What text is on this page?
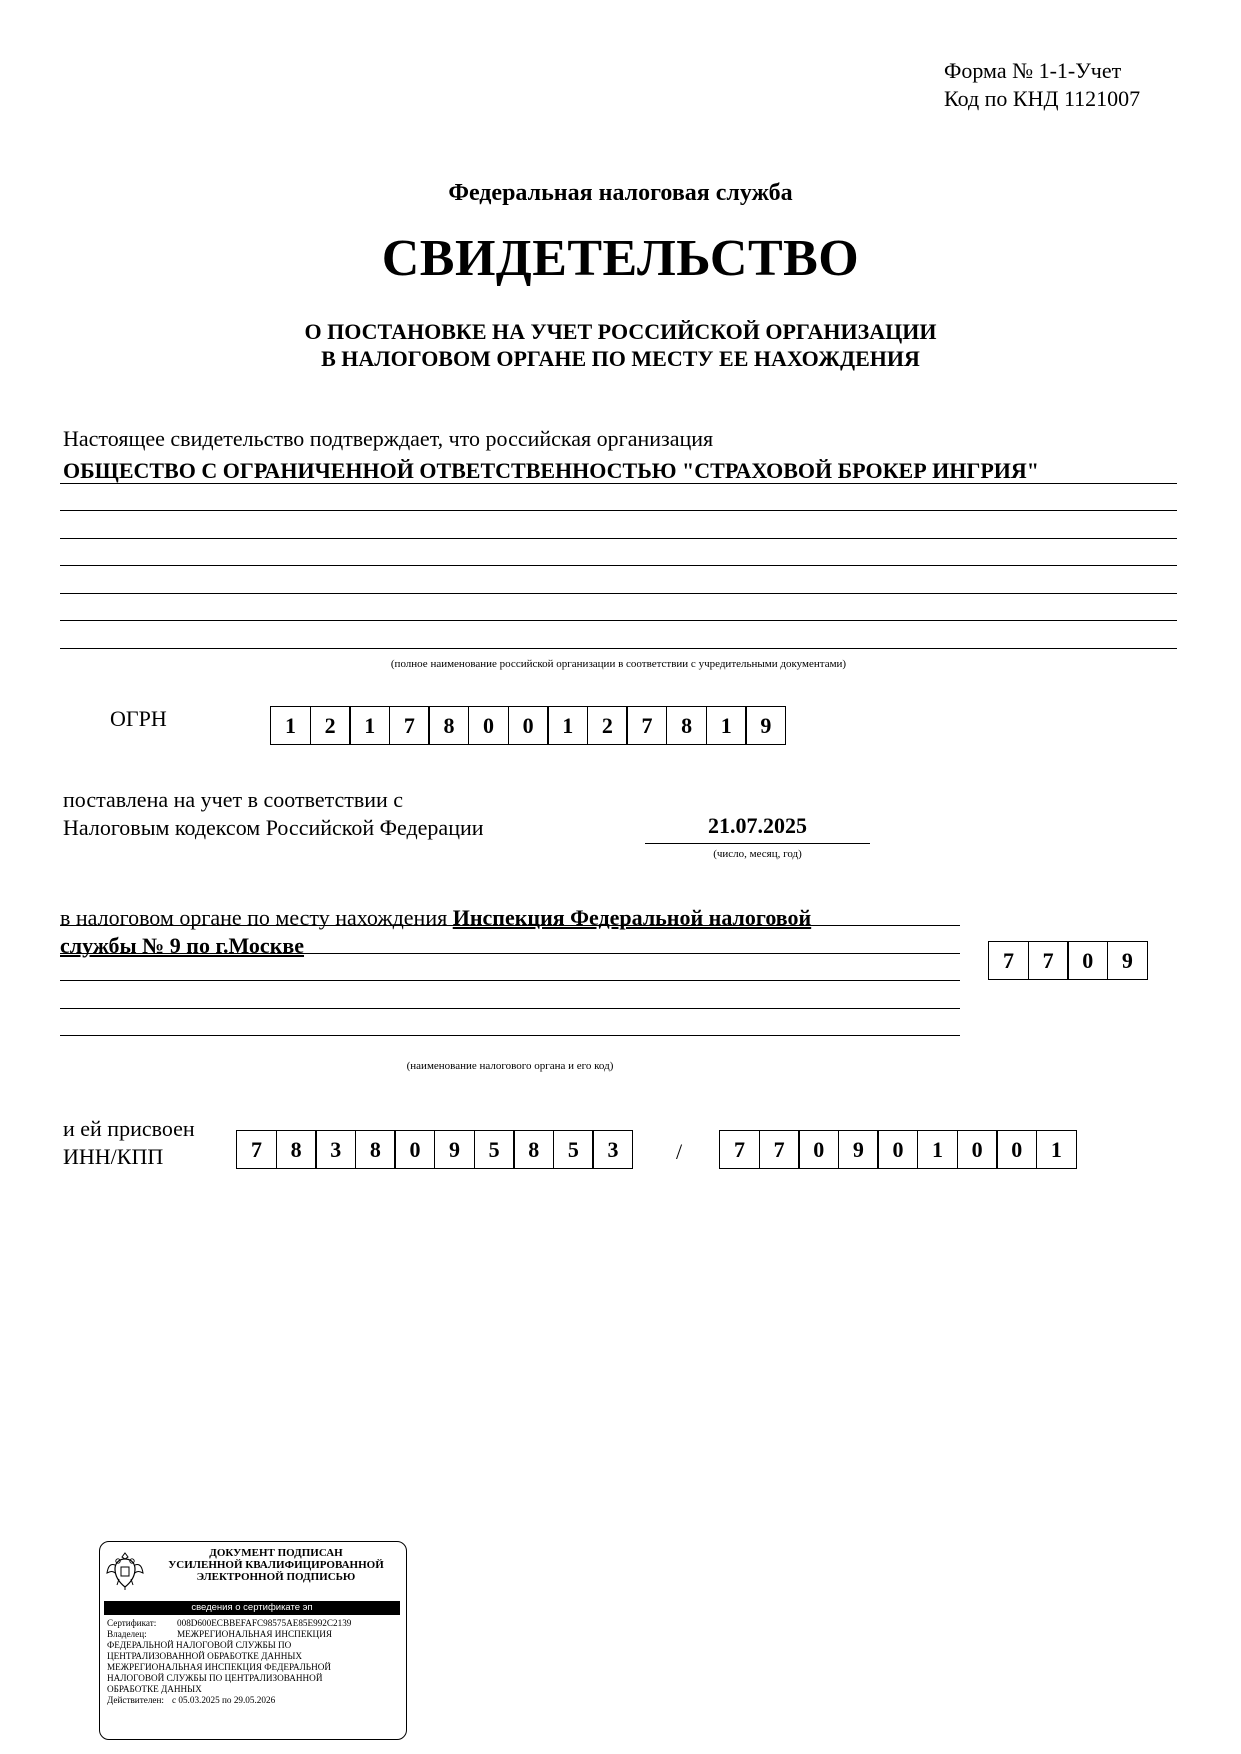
Форма № 1-1-Учет
Код по КНД 1121007
Федеральная налоговая служба
СВИДЕТЕЛЬСТВО
О ПОСТАНОВКЕ НА УЧЕТ РОССИЙСКОЙ ОРГАНИЗАЦИИ
В НАЛОГОВОМ ОРГАНЕ ПО МЕСТУ ЕЕ НАХОЖДЕНИЯ
Настоящее свидетельство подтверждает, что российская организация
ОБЩЕСТВО С ОГРАНИЧЕННОЙ ОТВЕТСТВЕННОСТЬЮ "СТРАХОВОЙ БРОКЕР ИНГРИЯ"
(полное наименование российской организации в соответствии с учредительными документами)
ОГРН	1	2	1	7	8	0	0	1	2	7	8	1	9
поставлена на учет в соответствии с
Налоговым кодексом Российской Федерации	21.07.2025
(число, месяц, год)
в налоговом органе по месту нахождения Инспекция Федеральной налоговой
службы № 9 по г.Москве
7	7	0	9
(наименование налогового органа и его код)
и ей присвоен
ИНН/КПП	7	8	3	8	0	9	5	8	5	3	/	7	7	0	9	0	1	0	0	1
ДОКУМЕНТ ПОДПИСАН
УСИЛЕННОЙ КВАЛИФИЦИРОВАННОЙ
ЭЛЕКТРОННОЙ ПОДПИСЬЮ
сведения о сертификате эп
Сертификат: 008D600ECBBEFAFC98575AE85E992C2139
Владелец:	МЕЖРЕГИОНАЛЬНАЯ ИНСПЕКЦИЯ
ФЕДЕРАЛЬНОЙ НАЛОГОВОЙ СЛУЖБЫ ПО
ЦЕНТРАЛИЗОВАННОЙ ОБРАБОТКЕ ДАННЫХ
МЕЖРЕГИОНАЛЬНАЯ ИНСПЕКЦИЯ ФЕДЕРАЛЬНОЙ
НАЛОГОВОЙ СЛУЖБЫ ПО ЦЕНТРАЛИЗОВАННОЙ
ОБРАБОТКЕ ДАННЫХ
Действителен: с 05.03.2025 по 29.05.2026
